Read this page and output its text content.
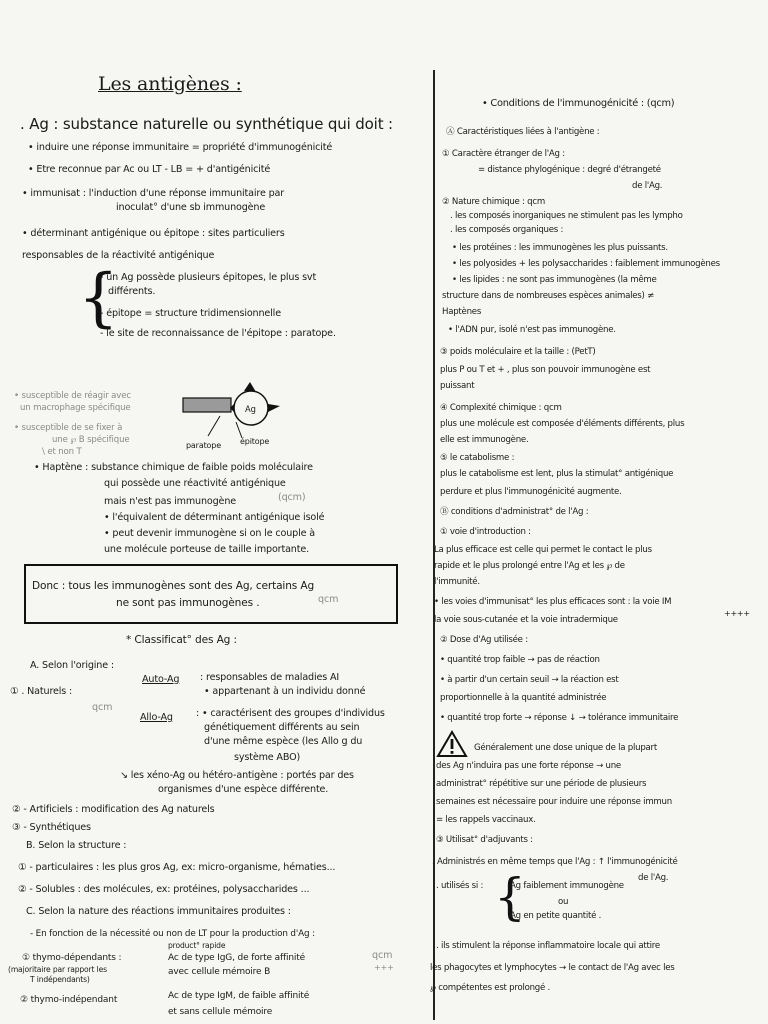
Les antigènes :
. Ag : substance naturelle ou synthétique qui doit :
• induire une réponse immunitaire = propriété d'immunogénicité
• Etre reconnue par Ac ou LT - LB = + d'antigénicité
• immunisat : l'induction d'une réponse immunitaire par
inoculat° d'une sb immunogène
• déterminant antigénique ou épitope : sites particuliers
responsables de la réactivité antigénique
{
- un Ag possède plusieurs épitopes, le plus svt
différents.
- épitope = structure tridimensionnelle
- le site de reconnaissance de l'épitope : paratope.
• susceptible de réagir avec
un macrophage spécifique
• susceptible de se fixer à
une ℘ B spécifique
\ et non T
Ag
paratope épitope
• Haptène : substance chimique de faible poids moléculaire
qui possède une réactivité antigénique
mais n'est pas immunogène	(qcm)
• l'équivalent de déterminant antigénique isolé
• peut devenir immunogène si on le couple à
une molécule porteuse de taille importante.
Donc : tous les immunogènes sont des Ag, certains Ag
ne sont pas immunogènes .	qcm
* Classificat° des Ag :
A. Selon l'origine :
① . Naturels :
qcm
Auto-Ag : responsables de maladies AI
• appartenant à un individu donné
Allo-Ag : • caractérisent des groupes d'individus
génétiquement différents au sein
d'une même espèce (les Allo g du
système ABO)
↘ les xéno-Ag ou hétéro-antigène : portés par des
organismes d'une espèce différente.
② - Artificiels : modification des Ag naturels
③ - Synthétiques
B. Selon la structure :
① - particulaires : les plus gros Ag, ex: micro-organisme, hématies...
② - Solubles : des molécules, ex: protéines, polysaccharides ...
C. Selon la nature des réactions immunitaires produites :
- En fonction de la nécessité ou non de LT pour la production d'Ag :
① thymo-dépendants :
product° rapide
Ac de type IgG, de forte affinité
avec cellule mémoire B
(majoritaire par rapport les
T indépendants)
qcm
+++
② thymo-indépendant	Ac de type IgM, de faible affinité
et sans cellule mémoire
• Conditions de l'immunogénicité : (qcm)
Ⓐ Caractéristiques liées à l'antigène :
① Caractère étranger de l'Ag :
= distance phylogénique : degré d'étrangeté
de l'Ag.
② Nature chimique : qcm
. les composés inorganiques ne stimulent pas les lympho
. les composés organiques :
• les protéines : les immunogènes les plus puissants.
• les polyosides + les polysaccharides : faiblement immunogènes
• les lipides : ne sont pas immunogènes (la même
structure dans de nombreuses espèces animales) ≠
Haptènes
• l'ADN pur, isolé n'est pas immunogène.
③ poids moléculaire et la taille : (PetT)
plus P ou T et + , plus son pouvoir immunogène est
puissant
④ Complexité chimique : qcm
plus une molécule est composée d'éléments différents, plus
elle est immunogène.
⑤ le catabolisme :
plus le catabolisme est lent, plus la stimulat° antigénique
perdure et plus l'immunogénicité augmente.
Ⓑ conditions d'administrat° de l'Ag :
① voie d'introduction :
La plus efficace est celle qui permet le contact le plus
rapide et le plus prolongé entre l'Ag et les ℘ de
l'immunité.
• les voies d'immunisat° les plus efficaces sont : la voie IM
la voie sous-cutanée et la voie intradermique
++++
② Dose d'Ag utilisée :
• quantité trop faible → pas de réaction
• à partir d'un certain seuil → la réaction est
proportionnelle à la quantité administrée
• quantité trop forte → réponse ↓ → tolérance immunitaire
Généralement une dose unique de la plupart
des Ag n'induira pas une forte réponse → une
administrat° répétitive sur une période de plusieurs
semaines est nécessaire pour induire une réponse immun
= les rappels vaccinaux.
③ Utilisat° d'adjuvants :
. Administrés en même temps que l'Ag : ↑ l'immunogénicité
de l'Ag.
. utilisés si : {
Ag faiblement immunogène
ou
Ag en petite quantité .
. ils stimulent la réponse inflammatoire locale qui attire
les phagocytes et lymphocytes → le contact de l'Ag avec les
℘ compétentes est prolongé .
